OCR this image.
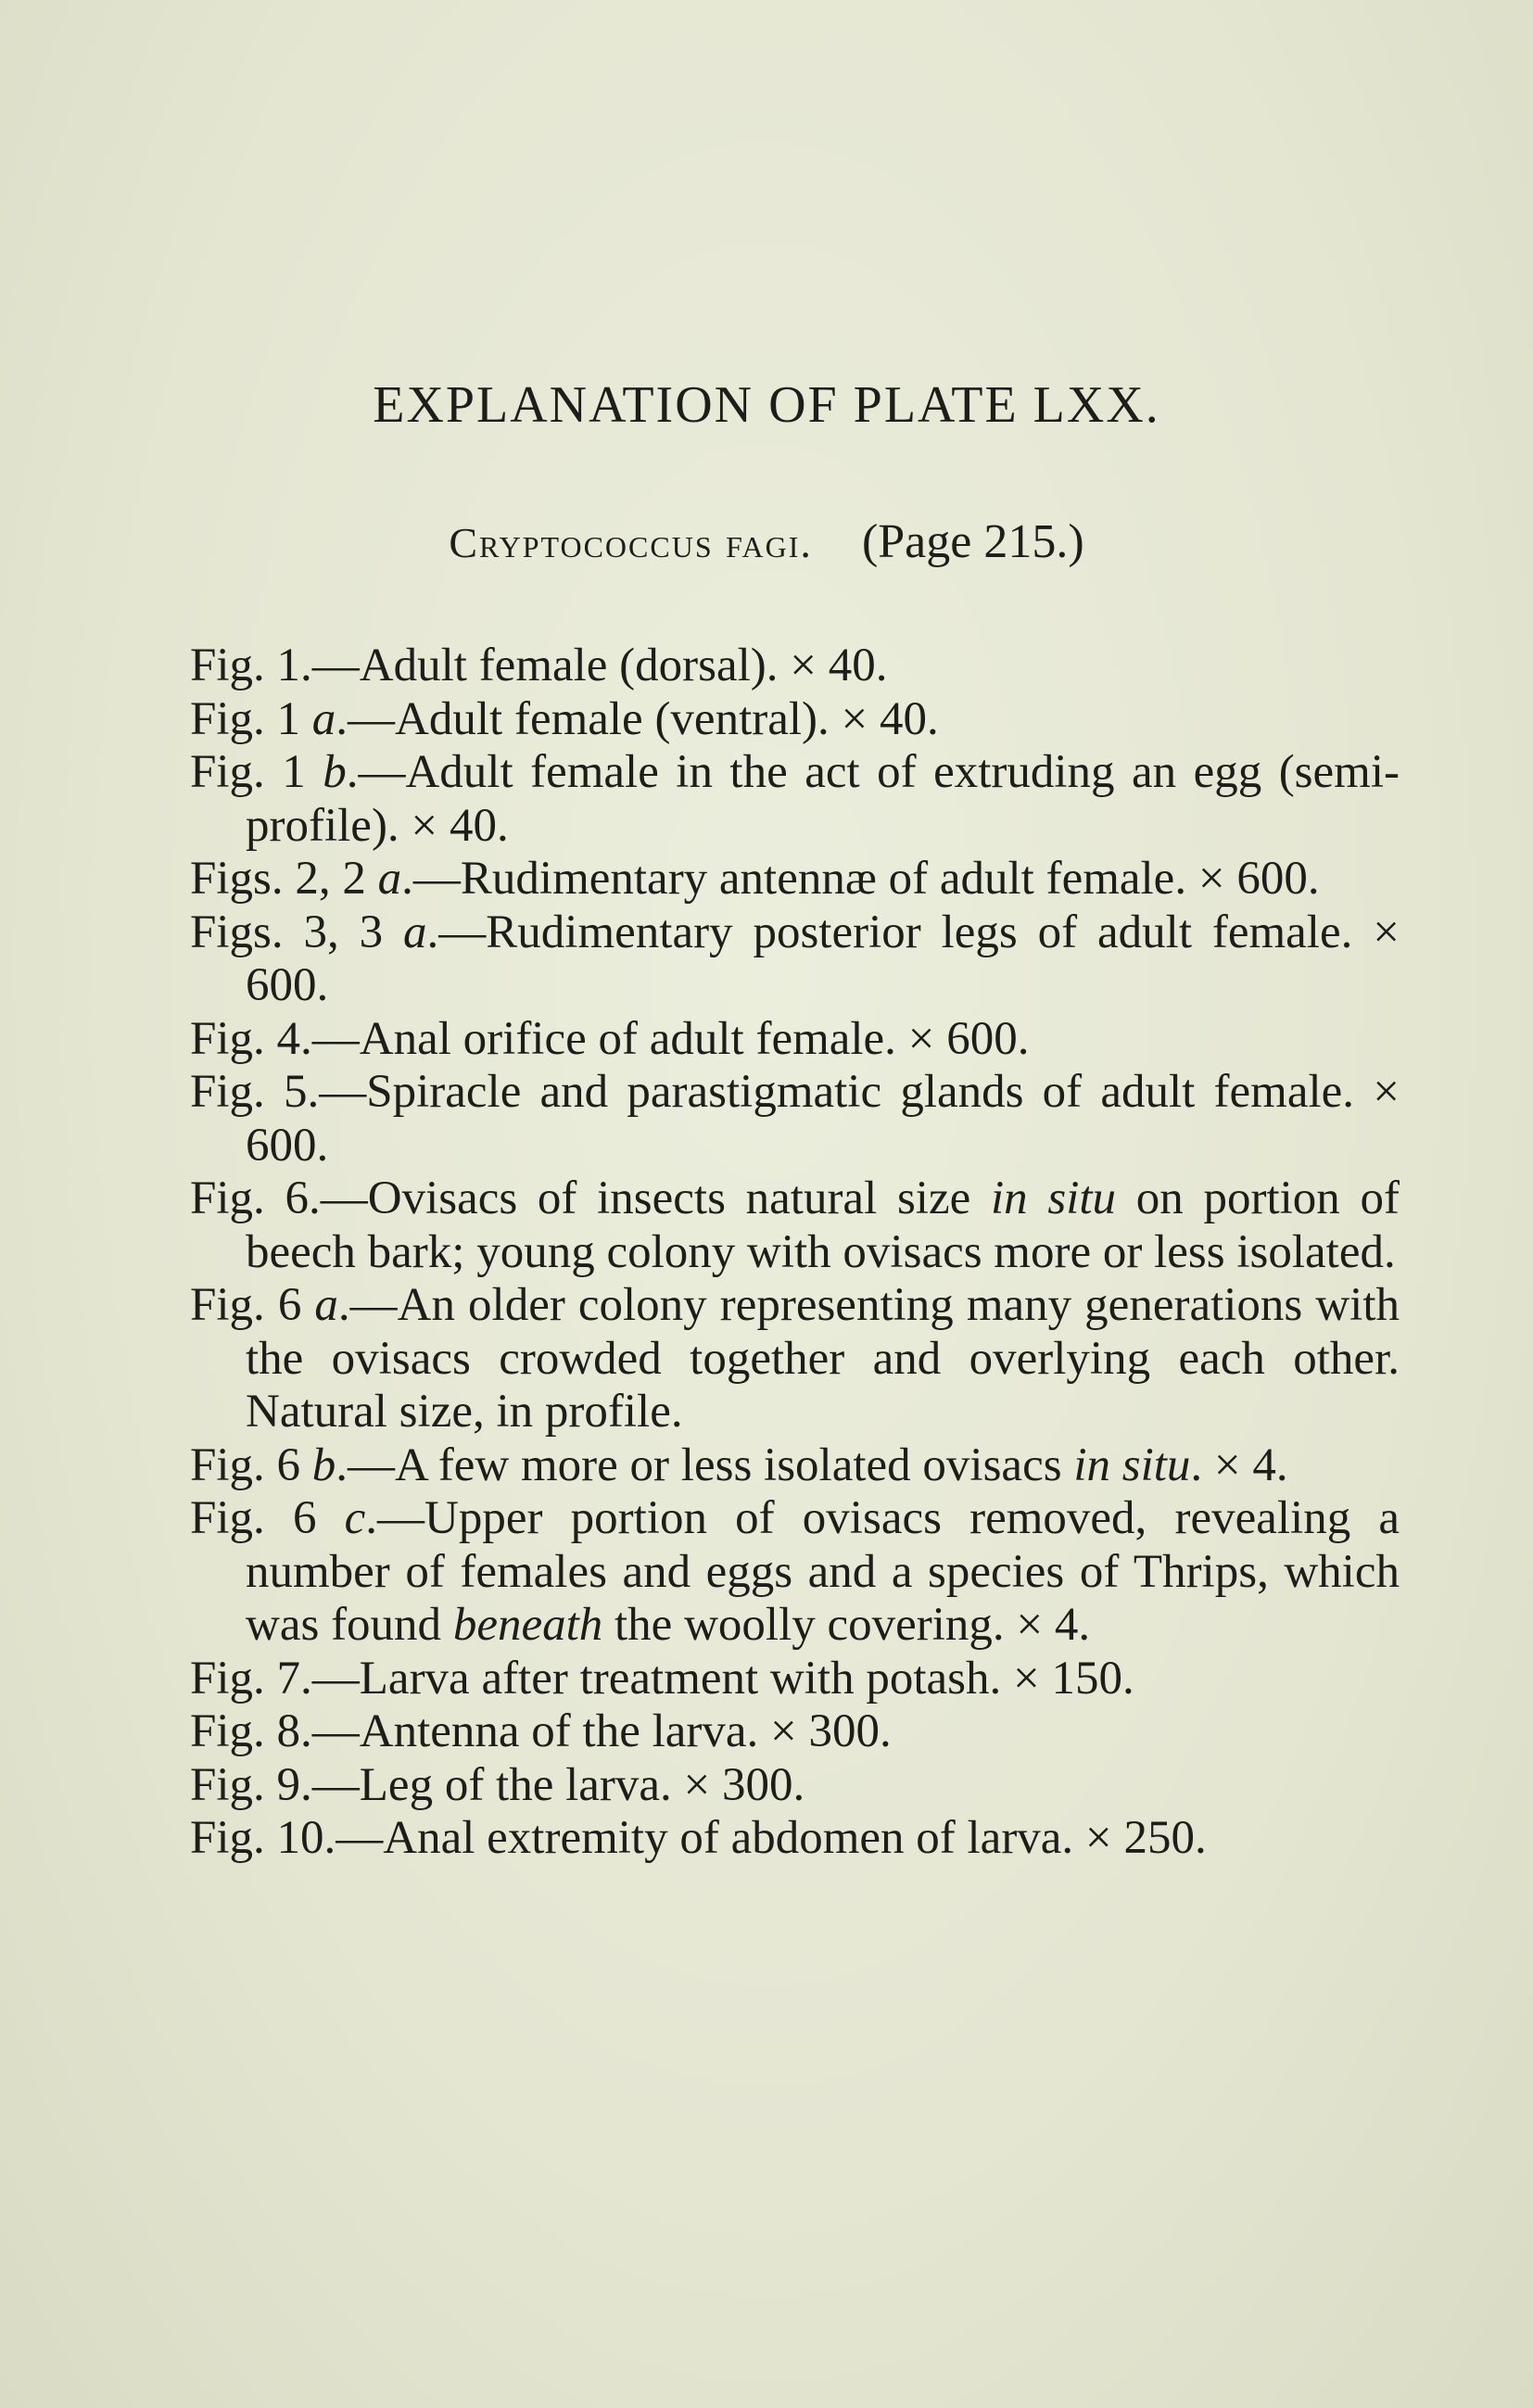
EXPLANATION OF PLATE LXX.
Cryptococcus fagi. (Page 215.)
Fig. 1.—Adult female (dorsal). × 40.
Fig. 1 a.—Adult female (ventral). × 40.
Fig. 1 b.—Adult female in the act of extruding an egg (semi-profile). × 40.
Figs. 2, 2 a.—Rudimentary antennæ of adult female. × 600.
Figs. 3, 3 a.—Rudimentary posterior legs of adult female. × 600.
Fig. 4.—Anal orifice of adult female. × 600.
Fig. 5.—Spiracle and parastigmatic glands of adult female. × 600.
Fig. 6.—Ovisacs of insects natural size in situ on portion of beech bark; young colony with ovisacs more or less isolated.
Fig. 6 a.—An older colony representing many generations with the ovisacs crowded together and overlying each other. Natural size, in profile.
Fig. 6 b.—A few more or less isolated ovisacs in situ. × 4.
Fig. 6 c.—Upper portion of ovisacs removed, revealing a number of females and eggs and a species of Thrips, which was found beneath the woolly covering. × 4.
Fig. 7.—Larva after treatment with potash. × 150.
Fig. 8.—Antenna of the larva. × 300.
Fig. 9.—Leg of the larva. × 300.
Fig. 10.—Anal extremity of abdomen of larva. × 250.
